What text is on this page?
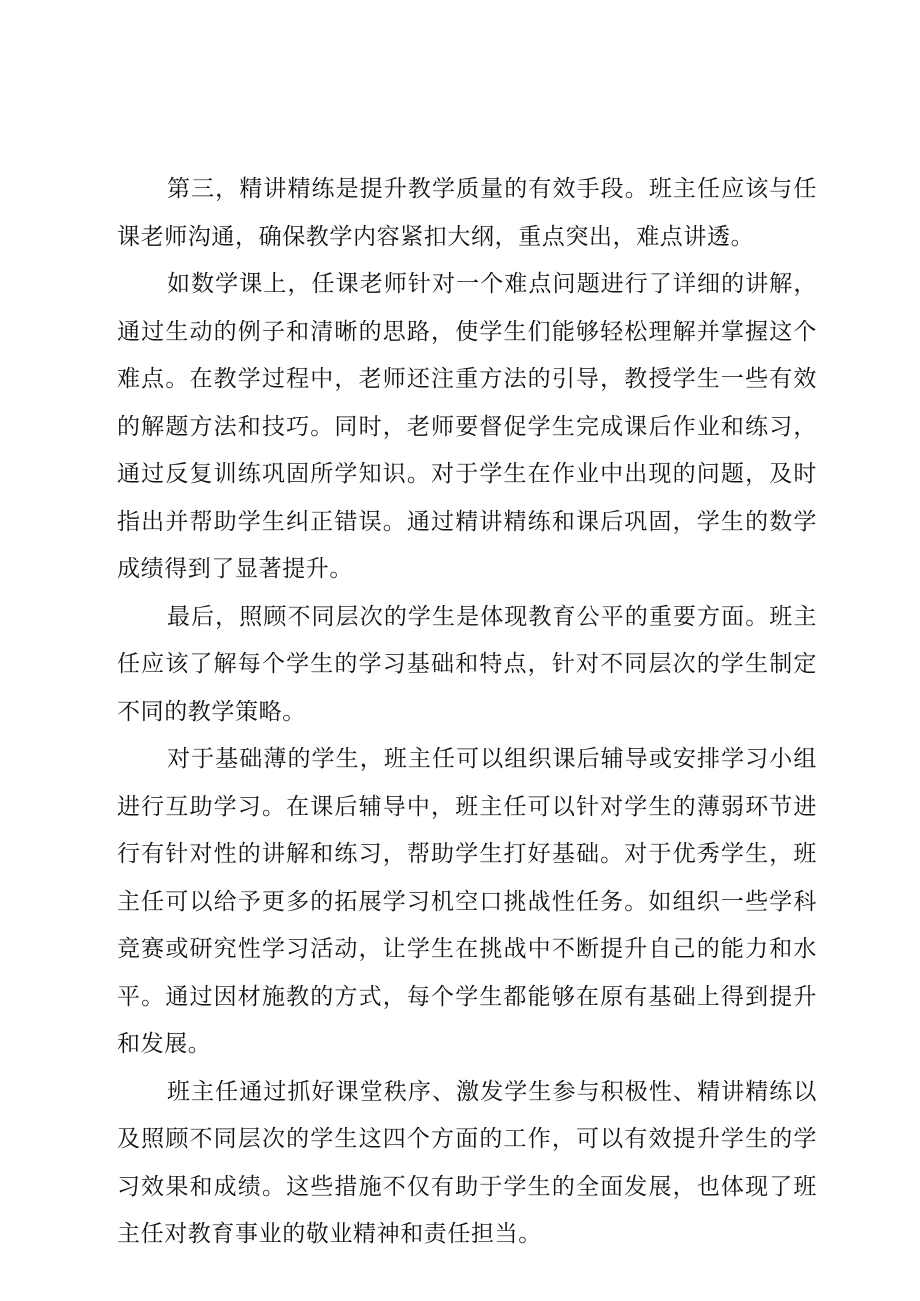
第三，精讲精练是提升教学质量的有效手段。班主任应该与任课老师沟通，确保教学内容紧扣大纲，重点突出，难点讲透。

如数学课上，任课老师针对一个难点问题进行了详细的讲解，通过生动的例子和清晰的思路，使学生们能够轻松理解并掌握这个难点。在教学过程中，老师还注重方法的引导，教授学生一些有效的解题方法和技巧。同时，老师要督促学生完成课后作业和练习，通过反复训练巩固所学知识。对于学生在作业中出现的问题，及时指出并帮助学生纠正错误。通过精讲精练和课后巩固，学生的数学成绩得到了显著提升。

最后，照顾不同层次的学生是体现教育公平的重要方面。班主任应该了解每个学生的学习基础和特点，针对不同层次的学生制定不同的教学策略。

对于基础薄的学生，班主任可以组织课后辅导或安排学习小组进行互助学习。在课后辅导中，班主任可以针对学生的薄弱环节进行有针对性的讲解和练习，帮助学生打好基础。对于优秀学生，班主任可以给予更多的拓展学习机空口挑战性任务。如组织一些学科竞赛或研究性学习活动，让学生在挑战中不断提升自己的能力和水平。通过因材施教的方式，每个学生都能够在原有基础上得到提升和发展。

班主任通过抓好课堂秩序、激发学生参与积极性、精讲精练以及照顾不同层次的学生这四个方面的工作，可以有效提升学生的学习效果和成绩。这些措施不仅有助于学生的全面发展，也体现了班主任对教育事业的敬业精神和责任担当。
